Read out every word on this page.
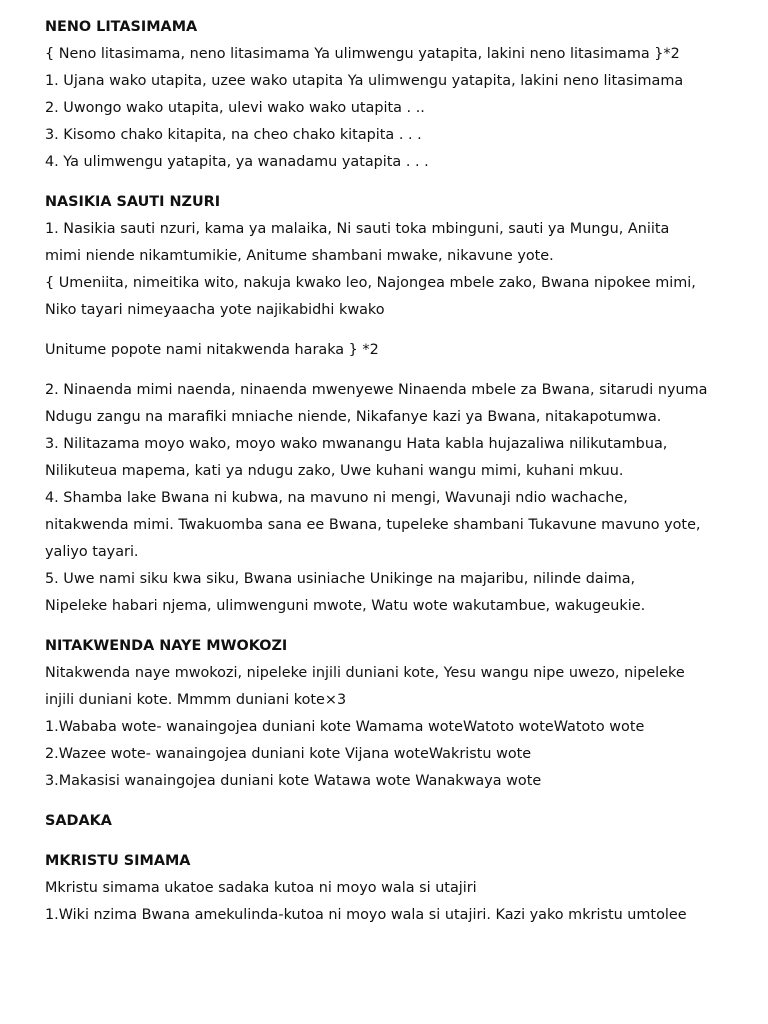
NENO LITASIMAMA

{ Neno litasimama, neno litasimama Ya ulimwengu yatapita, lakini neno litasimama }*2

1. Ujana wako utapita, uzee wako utapita Ya ulimwengu yatapita, lakini neno litasimama

2. Uwongo wako utapita, ulevi wako wako utapita . ..

3. Kisomo chako kitapita, na cheo chako kitapita . . .

4. Ya ulimwengu yatapita, ya wanadamu yatapita . . .

NASIKIA SAUTI NZURI

1. Nasikia sauti nzuri, kama ya malaika, Ni sauti toka mbinguni, sauti ya Mungu, Aniita

mimi niende nikamtumikie, Anitume shambani mwake, nikavune yote.

{ Umeniita, nimeitika wito, nakuja kwako leo, Najongea mbele zako, Bwana nipokee mimi,

Niko tayari nimeyaacha yote najikabidhi kwako

Unitume popote nami nitakwenda haraka } *2

2. Ninaenda mimi naenda, ninaenda mwenyewe Ninaenda mbele za Bwana, sitarudi nyuma

Ndugu zangu na marafiki mniache niende, Nikafanye kazi ya Bwana, nitakapotumwa.

3. Nilitazama moyo wako, moyo wako mwanangu Hata kabla hujazaliwa nilikutambua,

Nilikuteua mapema, kati ya ndugu zako, Uwe kuhani wangu mimi, kuhani mkuu.

4. Shamba lake Bwana ni kubwa, na mavuno ni mengi, Wavunaji ndio wachache,

nitakwenda mimi. Twakuomba sana ee Bwana, tupeleke shambani Tukavune mavuno yote,

yaliyo tayari.

5. Uwe nami siku kwa siku, Bwana usiniache Unikinge na majaribu, nilinde daima,

Nipeleke habari njema, ulimwenguni mwote, Watu wote wakutambue, wakugeukie.

NITAKWENDA NAYE MWOKOZI

Nitakwenda naye mwokozi, nipeleke injili duniani kote, Yesu wangu nipe uwezo, nipeleke

injili duniani kote. Mmmm duniani kote×3

1.Wababa wote- wanaingojea duniani kote Wamama woteWatoto woteWatoto wote

2.Wazee wote- wanaingojea duniani kote Vijana woteWakristu wote

3.Makasisi wanaingojea duniani kote Watawa wote Wanakwaya wote

SADAKA

MKRISTU SIMAMA

Mkristu simama ukatoe sadaka kutoa ni moyo wala si utajiri

1.Wiki nzima Bwana amekulinda-kutoa ni moyo wala si utajiri. Kazi yako mkristu umtolee
